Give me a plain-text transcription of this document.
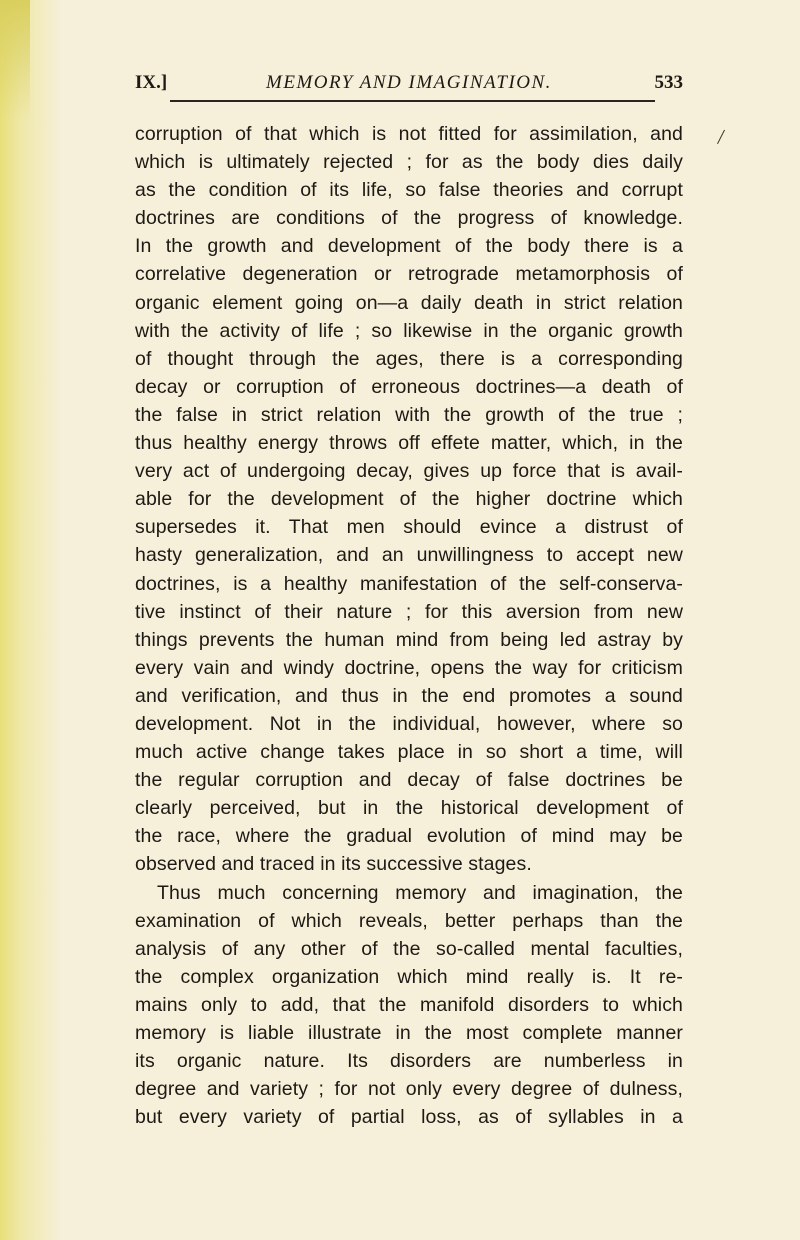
IX.]	MEMORY AND IMAGINATION.	533
/
corruption of that which is not fitted for assimilation, and
which is ultimately rejected ; for as the body dies daily
as the condition of its life, so false theories and corrupt
doctrines are conditions of the progress of knowledge.
In the growth and development of the body there is a
correlative degeneration or retrograde metamorphosis of
organic element going on—a daily death in strict relation
with the activity of life ; so likewise in the organic growth
of thought through the ages, there is a corresponding
decay or corruption of erroneous doctrines—a death of
the false in strict relation with the growth of the true ;
thus healthy energy throws off effete matter, which, in the
very act of undergoing decay, gives up force that is avail-
able for the development of the higher doctrine which
supersedes it. That men should evince a distrust of
hasty generalization, and an unwillingness to accept new
doctrines, is a healthy manifestation of the self-conserva-
tive instinct of their nature ; for this aversion from new
things prevents the human mind from being led astray by
every vain and windy doctrine, opens the way for criticism
and verification, and thus in the end promotes a sound
development. Not in the individual, however, where so
much active change takes place in so short a time, will
the regular corruption and decay of false doctrines be
clearly perceived, but in the historical development of
the race, where the gradual evolution of mind may be
observed and traced in its successive stages.
Thus much concerning memory and imagination, the
examination of which reveals, better perhaps than the
analysis of any other of the so-called mental faculties,
the complex organization which mind really is. It re-
mains only to add, that the manifold disorders to which
memory is liable illustrate in the most complete manner
its organic nature. Its disorders are numberless in
degree and variety ; for not only every degree of dulness,
but every variety of partial loss, as of syllables in a
